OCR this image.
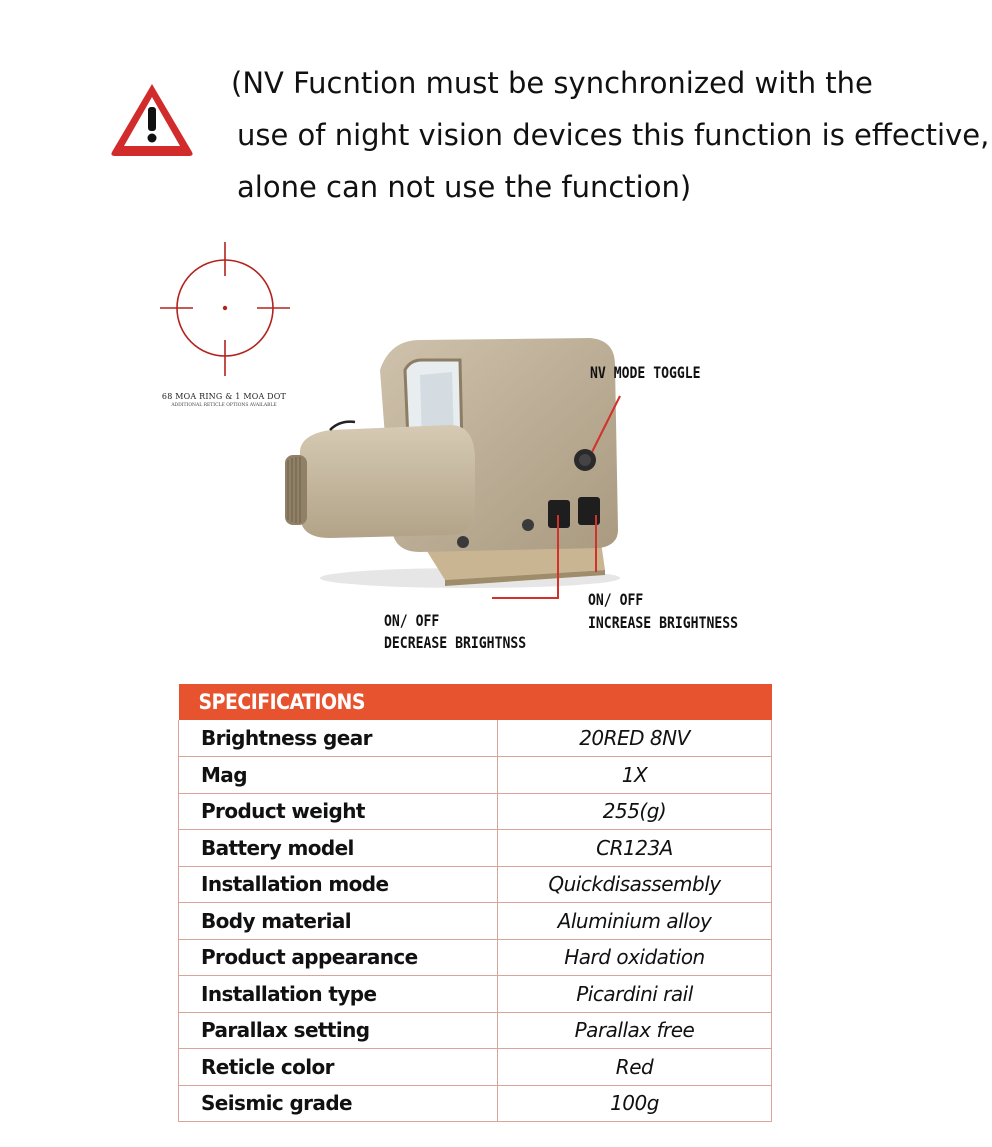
(NV Fucntion must be synchronized with the
use of night vision devices this function is effective,
alone can not use the function)
68 MOA RING & 1 MOA DOT
ADDITIONAL RETICLE OPTIONS AVAILABLE
NV MODE TOGGLE
ON/ OFF
INCREASE BRIGHTNESS
ON/ OFF
DECREASE BRIGHTNSS
SPECIFICATIONS	
Brightness gear	20RED 8NV
Mag	1X
Product weight	255(g)
Battery model	CR123A
Installation mode	Quickdisassembly
Body material	Aluminium alloy
Product appearance	Hard oxidation
Installation type	Picardini rail
Parallax setting	Parallax free
Reticle color	Red
Seismic grade	100g
